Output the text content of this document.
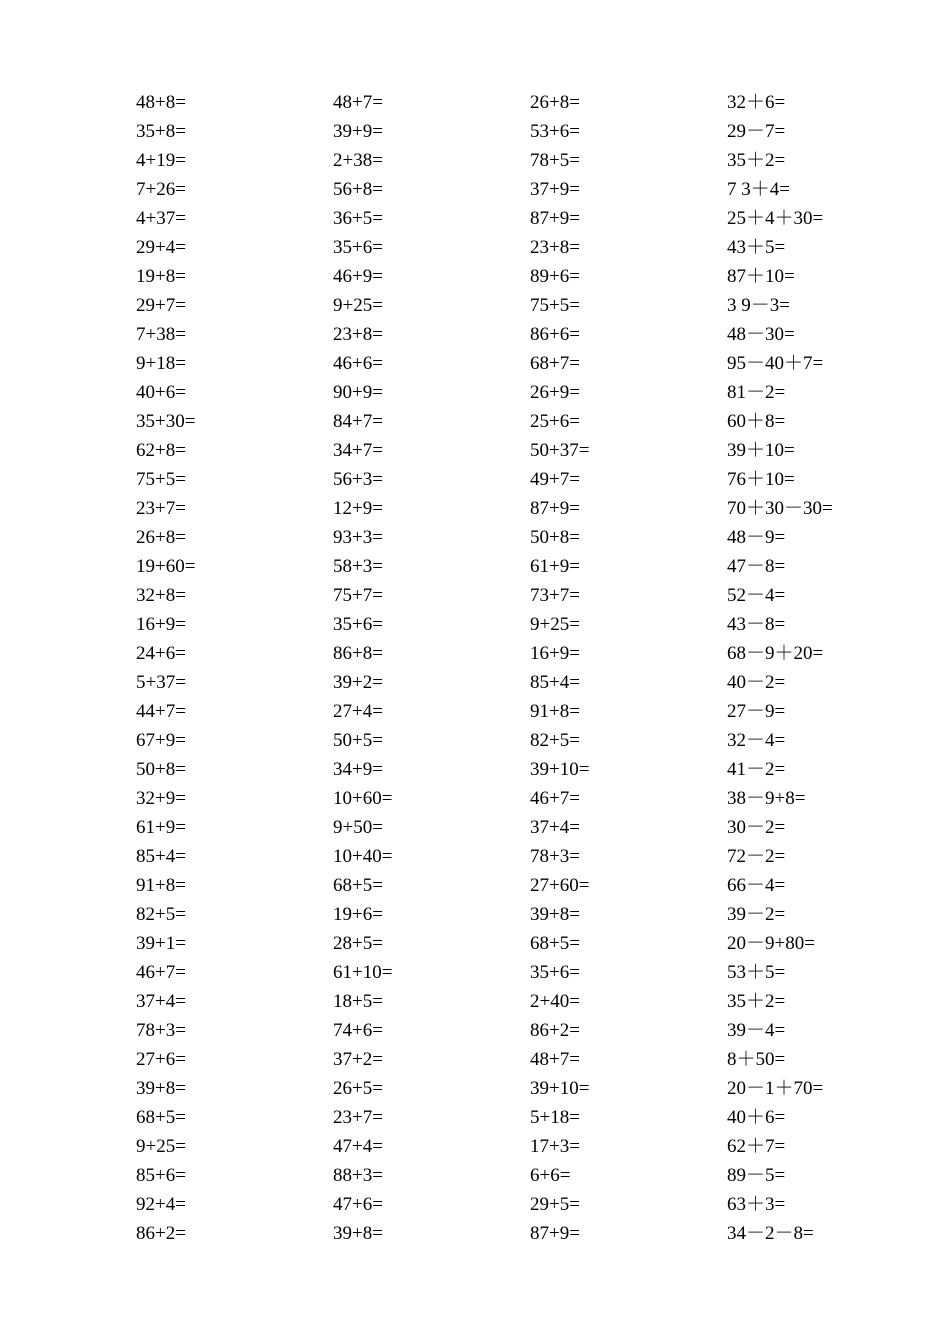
48+8=
35+8=
4+19=
7+26=
4+37=
29+4=
19+8=
29+7=
7+38=
9+18=
40+6=
35+30=
62+8=
75+5=
23+7=
26+8=
19+60=
32+8=
16+9=
24+6=
5+37=
44+7=
67+9=
50+8=
32+9=
61+9=
85+4=
91+8=
82+5=
39+1=
46+7=
37+4=
78+3=
27+6=
39+8=
68+5=
9+25=
85+6=
92+4=
86+2=
48+7=
39+9=
2+38=
56+8=
36+5=
35+6=
46+9=
9+25=
23+8=
46+6=
90+9=
84+7=
34+7=
56+3=
12+9=
93+3=
58+3=
75+7=
35+6=
86+8=
39+2=
27+4=
50+5=
34+9=
10+60=
9+50=
10+40=
68+5=
19+6=
28+5=
61+10=
18+5=
74+6=
37+2=
26+5=
23+7=
47+4=
88+3=
47+6=
39+8=
26+8=
53+6=
78+5=
37+9=
87+9=
23+8=
89+6=
75+5=
86+6=
68+7=
26+9=
25+6=
50+37=
49+7=
87+9=
50+8=
61+9=
73+7=
9+25=
16+9=
85+4=
91+8=
82+5=
39+10=
46+7=
37+4=
78+3=
27+60=
39+8=
68+5=
35+6=
2+40=
86+2=
48+7=
39+10=
5+18=
17+3=
6+6=
29+5=
87+9=
32＋6=
29－7=
35＋2=
7 3＋4=
25＋4＋30=
43＋5=
87＋10=
3 9－3=
48－30=
95－40＋7=
81－2=
60＋8=
39＋10=
76＋10=
70＋30－30=
48－9=
47－8=
52－4=
43－8=
68－9＋20=
40－2=
27－9=
32－4=
41－2=
38－9+8=
30－2=
72－2=
66－4=
39－2=
20－9+80=
53＋5=
35＋2=
39－4=
8＋50=
20－1＋70=
40＋6=
62＋7=
89－5=
63＋3=
34－2－8=
